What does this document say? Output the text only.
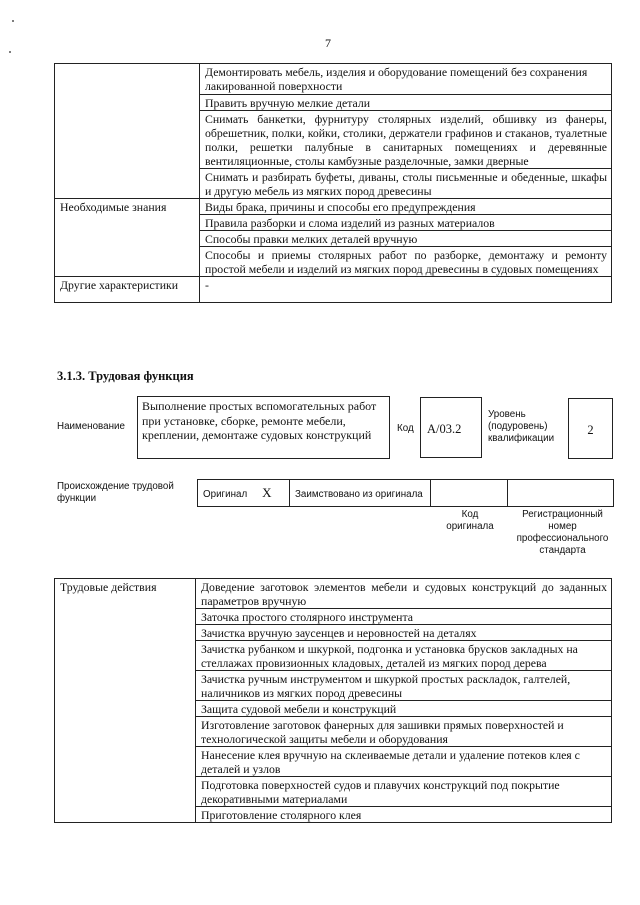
7
	Демонтировать мебель, изделия и оборудование помещений без сохранения лакированной поверхности
	Править вручную мелкие детали
	Снимать банкетки, фурнитуру столярных изделий, обшивку из фанеры, обрешетник, полки, койки, столики, держатели графинов и стаканов, туалетные полки, решетки палубные в санитарных помещениях и деревянные вентиляционные, столы камбузные разделочные, замки дверные
	Снимать и разбирать буфеты, диваны, столы письменные и обеденные, шкафы и другую мебель из мягких пород древесины
Необходимые знания	Виды брака, причины и способы его предупреждения
	Правила разборки и слома изделий из разных материалов
	Способы правки мелких деталей вручную
	Способы и приемы столярных работ по разборке, демонтажу и ремонту простой мебели и изделий из мягких пород древесины в судовых помещениях
Другие характеристики	-
3.1.3. Трудовая функция
Наименование
Выполнение простых вспомогательных работ при установке, сборке, ремонте мебели, креплении, демонтаже судовых конструкций	Код	A/03.2
Уровень (подуровень) квалификации
2
Происхождение трудовой функции	Оригинал X	Заимствовано из оригинала		
Код оригинала
Регистрационный номер профессионального стандарта
Трудовые действия	Доведение заготовок элементов мебели и судовых конструкций до заданных параметров вручную
Заточка простого столярного инструмента
Зачистка вручную заусенцев и неровностей на деталях
Зачистка рубанком и шкуркой, подгонка и установка брусков закладных на стеллажах провизионных кладовых, деталей из мягких пород дерева
Зачистка ручным инструментом и шкуркой простых раскладок, галтелей, наличников из мягких пород древесины
Защита судовой мебели и конструкций
Изготовление заготовок фанерных для зашивки прямых поверхностей и технологической защиты мебели и оборудования
Нанесение клея вручную на склеиваемые детали и удаление потеков клея с деталей и узлов
Подготовка поверхностей судов и плавучих конструкций под покрытие декоративными материалами
Приготовление столярного клея
